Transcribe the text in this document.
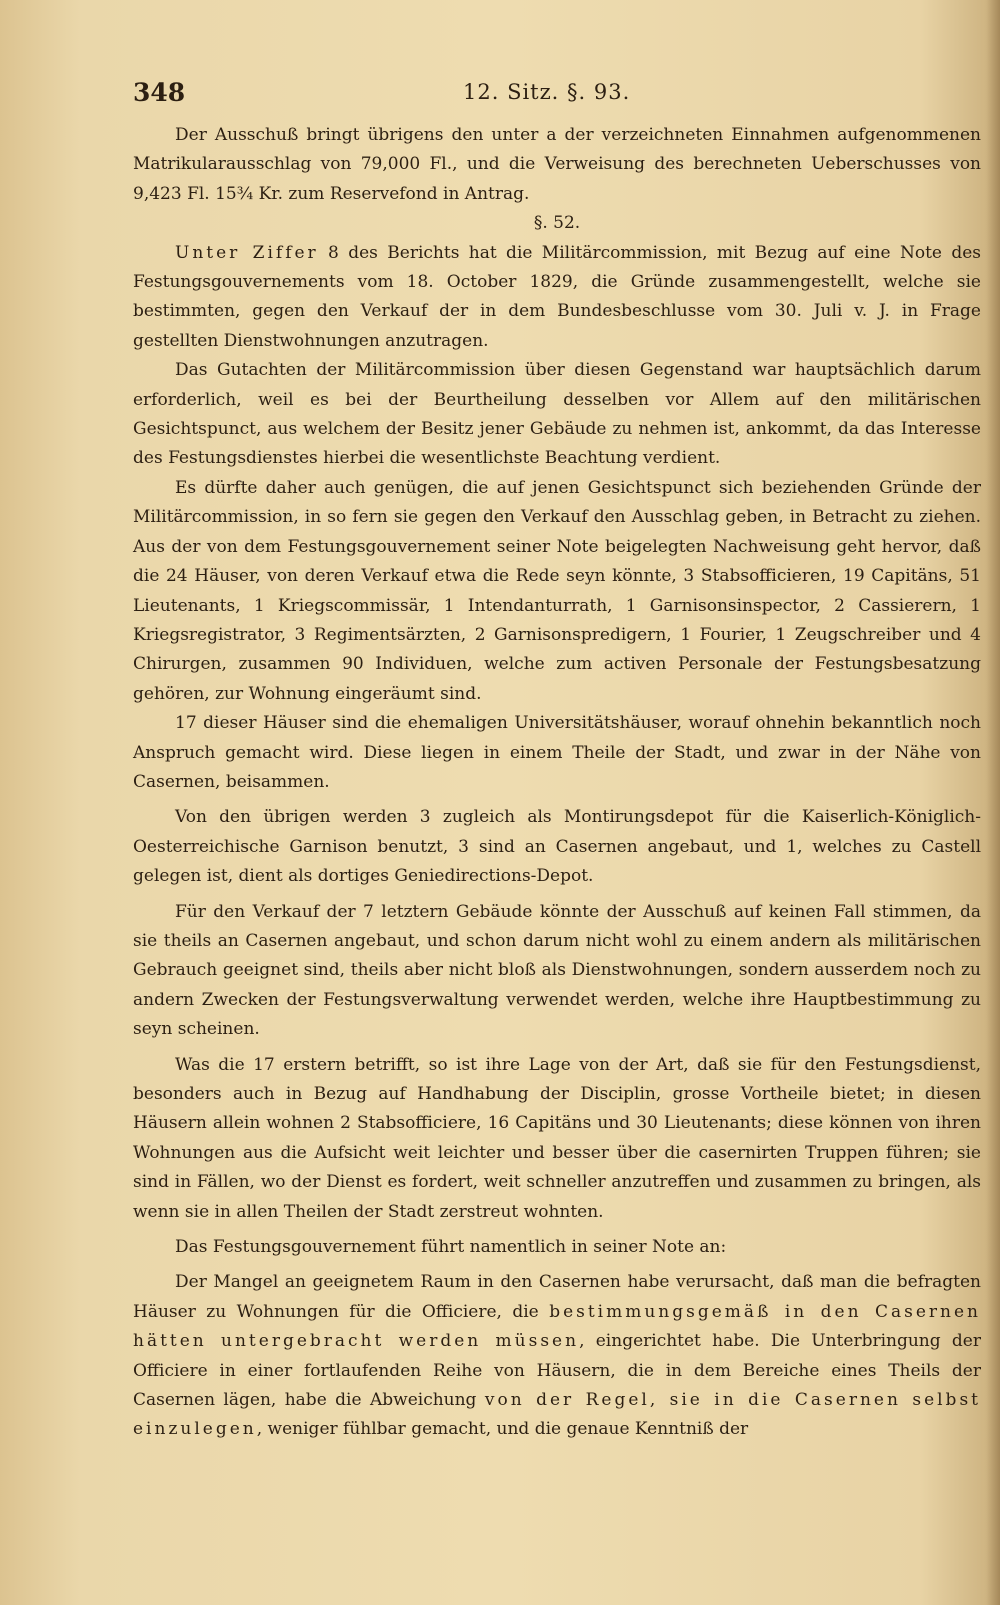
348	12. Sitz. §. 93.

Der Ausschuß bringt übrigens den unter a der verzeichneten Einnahmen aufgenommenen Matrikularausschlag von 79,000 Fl., und die Verweisung des berechneten Ueberschusses von 9,423 Fl. 15¾ Kr. zum Reservefond in Antrag.

§. 52.

Unter Ziffer 8 des Berichts hat die Militärcommission, mit Bezug auf eine Note des Festungsgouvernements vom 18. October 1829, die Gründe zusammengestellt, welche sie bestimmten, gegen den Verkauf der in dem Bundesbeschlusse vom 30. Juli v. J. in Frage gestellten Dienstwohnungen anzutragen.

Das Gutachten der Militärcommission über diesen Gegenstand war hauptsächlich darum erforderlich, weil es bei der Beurtheilung desselben vor Allem auf den militärischen Gesichtspunct, aus welchem der Besitz jener Gebäude zu nehmen ist, ankommt, da das Interesse des Festungsdienstes hierbei die wesentlichste Beachtung verdient.

Es dürfte daher auch genügen, die auf jenen Gesichtspunct sich beziehenden Gründe der Militärcommission, in so fern sie gegen den Verkauf den Ausschlag geben, in Betracht zu ziehen. Aus der von dem Festungsgouvernement seiner Note beigelegten Nachweisung geht hervor, daß die 24 Häuser, von deren Verkauf etwa die Rede seyn könnte, 3 Stabsofficieren, 19 Capitäns, 51 Lieutenants, 1 Kriegscommissär, 1 Intendanturrath, 1 Garnisonsinspector, 2 Cassierern, 1 Kriegsregistrator, 3 Regimentsärzten, 2 Garnisonspredigern, 1 Fourier, 1 Zeugschreiber und 4 Chirurgen, zusammen 90 Individuen, welche zum activen Personale der Festungsbesatzung gehören, zur Wohnung eingeräumt sind.

17 dieser Häuser sind die ehemaligen Universitätshäuser, worauf ohnehin bekanntlich noch Anspruch gemacht wird. Diese liegen in einem Theile der Stadt, und zwar in der Nähe von Casernen, beisammen.

Von den übrigen werden 3 zugleich als Montirungsdepot für die Kaiserlich-Königlich-Oesterreichische Garnison benutzt, 3 sind an Casernen angebaut, und 1, welches zu Castell gelegen ist, dient als dortiges Geniedirections-Depot.

Für den Verkauf der 7 letztern Gebäude könnte der Ausschuß auf keinen Fall stimmen, da sie theils an Casernen angebaut, und schon darum nicht wohl zu einem andern als militärischen Gebrauch geeignet sind, theils aber nicht bloß als Dienstwohnungen, sondern ausserdem noch zu andern Zwecken der Festungsverwaltung verwendet werden, welche ihre Hauptbestimmung zu seyn scheinen.

Was die 17 erstern betrifft, so ist ihre Lage von der Art, daß sie für den Festungsdienst, besonders auch in Bezug auf Handhabung der Disciplin, grosse Vortheile bietet; in diesen Häusern allein wohnen 2 Stabsofficiere, 16 Capitäns und 30 Lieutenants; diese können von ihren Wohnungen aus die Aufsicht weit leichter und besser über die casernirten Truppen führen; sie sind in Fällen, wo der Dienst es fordert, weit schneller anzutreffen und zusammen zu bringen, als wenn sie in allen Theilen der Stadt zerstreut wohnten.

Das Festungsgouvernement führt namentlich in seiner Note an:

Der Mangel an geeignetem Raum in den Casernen habe verursacht, daß man die befragten Häuser zu Wohnungen für die Officiere, die bestimmungsgemäß in den Casernen hätten untergebracht werden müssen, eingerichtet habe. Die Unterbringung der Officiere in einer fortlaufenden Reihe von Häusern, die in dem Bereiche eines Theils der Casernen lägen, habe die Abweichung von der Regel, sie in die Casernen selbst einzulegen, weniger fühlbar gemacht, und die genaue Kenntniß der
